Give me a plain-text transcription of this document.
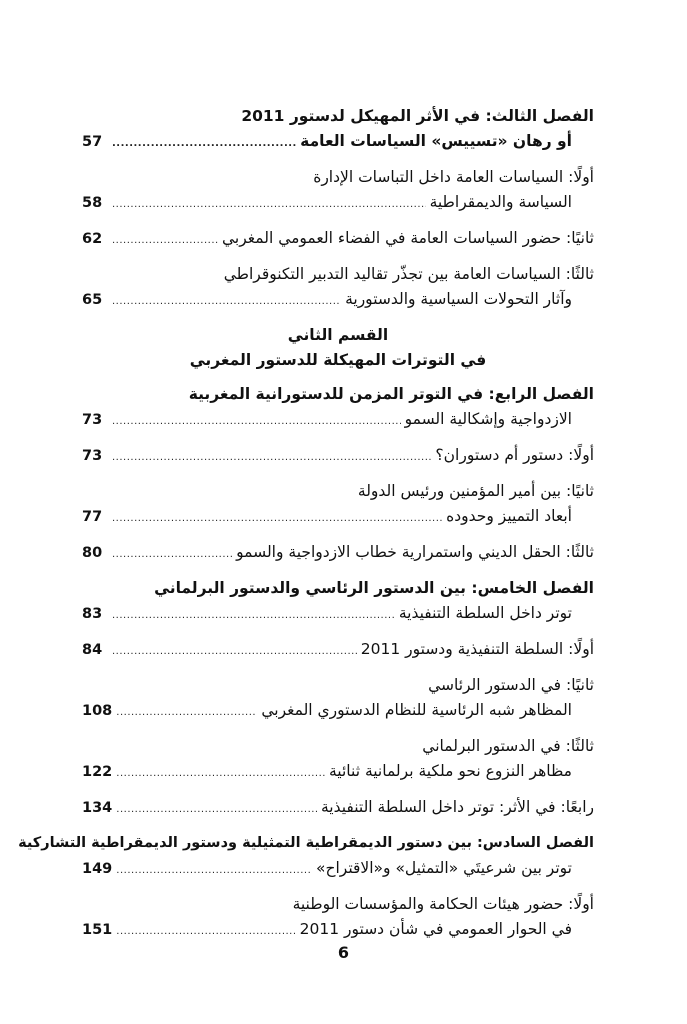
الفصل الثالث: في الأثر المهيكل لدستور 2011
أو رهان «تسييس» السياسات العامة
.....
57
أولًا: السياسات العامة داخل التباسات الإدارة
السياسة والديمقراطية
.....
58
ثانيًا: حضور السياسات العامة في الفضاء العمومي المغربي
.....
62
ثالثًا: السياسات العامة بين تجذّر تقاليد التدبير التكنوقراطي
وآثار التحولات السياسية والدستورية
.....
65
القسم الثاني
في التوترات المهيكلة للدستور المغربي
الفصل الرابع: في التوتر المزمن للدستورانية المغربية
الازدواجية وإشكالية السمو
.....
73
أولًا: دستور أم دستوران؟
.....
73
ثانيًا: بين أمير المؤمنين ورئيس الدولة
أبعاد التمييز وحدوده
.....
77
ثالثًا: الحقل الديني واستمرارية خطاب الازدواجية والسمو
.....
80
الفصل الخامس: بين الدستور الرئاسي والدستور البرلماني
توتر داخل السلطة التنفيذية
.....
83
أولًا: السلطة التنفيذية ودستور 2011
.....
84
ثانيًا: في الدستور الرئاسي
المظاهر شبه الرئاسية للنظام الدستوري المغربي
.....
108
ثالثًا: في الدستور البرلماني
مظاهر النزوع نحو ملكية برلمانية ثنائية
.....
122
رابعًا: في الأثر: توتر داخل السلطة التنفيذية
.....
134
الفصل السادس: بين دستور الديمقراطية التمثيلية ودستور الديمقراطية التشاركية
توتر بين شرعيتَي «التمثيل» و«الاقتراح»
.....
149
أولًا: حضور هيئات الحكامة والمؤسسات الوطنية
في الحوار العمومي في شأن دستور 2011
.....
151
6
